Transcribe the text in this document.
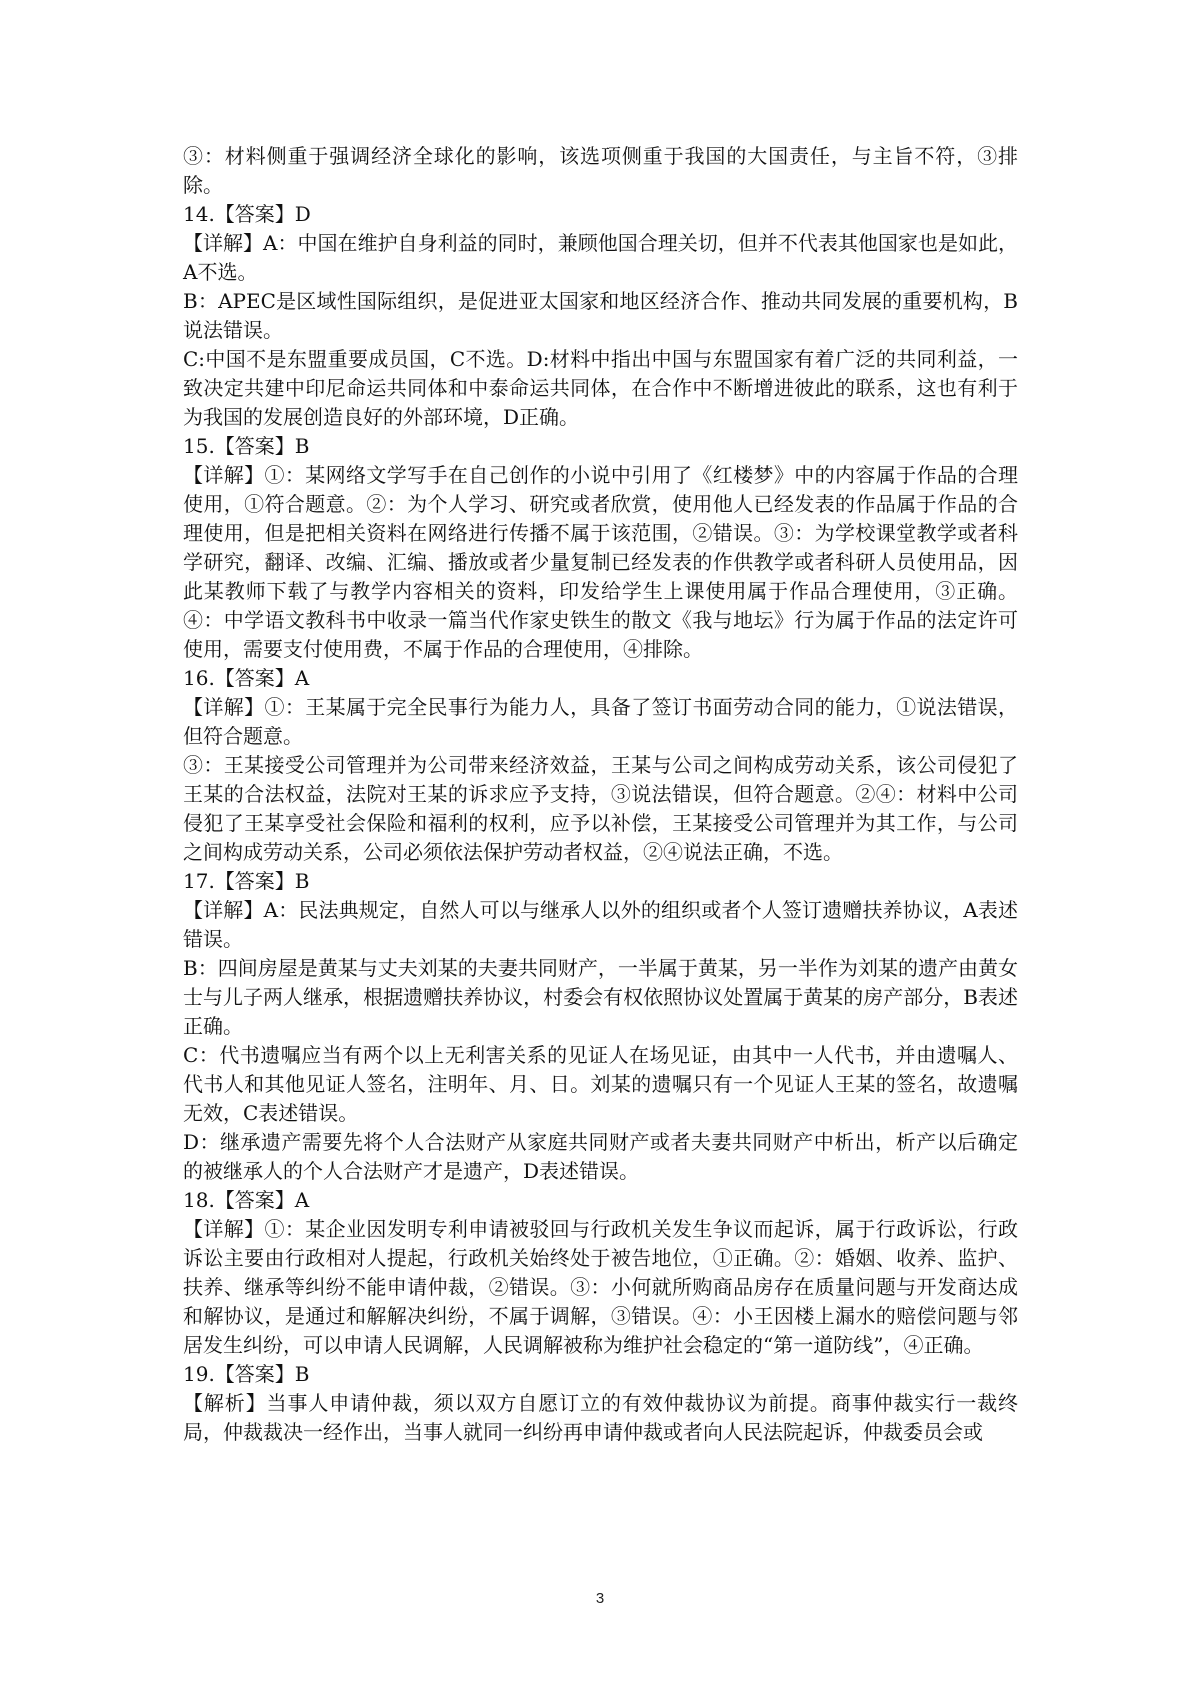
③：材料侧重于强调经济全球化的影响，该选项侧重于我国的大国责任，与主旨不符，③排除。

14.【答案】D

【详解】A：中国在维护自身利益的同时，兼顾他国合理关切，但并不代表其他国家也是如此，A不选。

B：APEC是区域性国际组织，是促进亚太国家和地区经济合作、推动共同发展的重要机构，B说法错误。

C:中国不是东盟重要成员国，C不选。D:材料中指出中国与东盟国家有着广泛的共同利益，一致决定共建中印尼命运共同体和中泰命运共同体，在合作中不断增进彼此的联系，这也有利于为我国的发展创造良好的外部环境，D正确。

15.【答案】B

【详解】①：某网络文学写手在自己创作的小说中引用了《红楼梦》中的内容属于作品的合理使用，①符合题意。②：为个人学习、研究或者欣赏，使用他人已经发表的作品属于作品的合理使用，但是把相关资料在网络进行传播不属于该范围，②错误。③：为学校课堂教学或者科学研究，翻译、改编、汇编、播放或者少量复制已经发表的作供教学或者科研人员使用品，因此某教师下载了与教学内容相关的资料，印发给学生上课使用属于作品合理使用，③正确。④：中学语文教科书中收录一篇当代作家史铁生的散文《我与地坛》行为属于作品的法定许可使用，需要支付使用费，不属于作品的合理使用，④排除。

16.【答案】A

【详解】①：王某属于完全民事行为能力人，具备了签订书面劳动合同的能力，①说法错误，但符合题意。

③：王某接受公司管理并为公司带来经济效益，王某与公司之间构成劳动关系，该公司侵犯了王某的合法权益，法院对王某的诉求应予支持，③说法错误，但符合题意。②④：材料中公司侵犯了王某享受社会保险和福利的权利，应予以补偿，王某接受公司管理并为其工作，与公司之间构成劳动关系，公司必须依法保护劳动者权益，②④说法正确，不选。

17.【答案】B

【详解】A：民法典规定，自然人可以与继承人以外的组织或者个人签订遗赠扶养协议，A表述错误。

B：四间房屋是黄某与丈夫刘某的夫妻共同财产，一半属于黄某，另一半作为刘某的遗产由黄女士与儿子两人继承，根据遗赠扶养协议，村委会有权依照协议处置属于黄某的房产部分，B表述正确。

C：代书遗嘱应当有两个以上无利害关系的见证人在场见证，由其中一人代书，并由遗嘱人、代书人和其他见证人签名，注明年、月、日。刘某的遗嘱只有一个见证人王某的签名，故遗嘱无效，C表述错误。

D：继承遗产需要先将个人合法财产从家庭共同财产或者夫妻共同财产中析出，析产以后确定的被继承人的个人合法财产才是遗产，D表述错误。

18.【答案】A

【详解】①：某企业因发明专利申请被驳回与行政机关发生争议而起诉，属于行政诉讼，行政诉讼主要由行政相对人提起，行政机关始终处于被告地位，①正确。②：婚姻、收养、监护、扶养、继承等纠纷不能申请仲裁，②错误。③：小何就所购商品房存在质量问题与开发商达成和解协议，是通过和解解决纠纷，不属于调解，③错误。④：小王因楼上漏水的赔偿问题与邻居发生纠纷，可以申请人民调解，人民调解被称为维护社会稳定的“第一道防线”，④正确。

19.【答案】B

【解析】当事人申请仲裁，须以双方自愿订立的有效仲裁协议为前提。商事仲裁实行一裁终局，仲裁裁决一经作出，当事人就同一纠纷再申请仲裁或者向人民法院起诉，仲裁委员会或

3
